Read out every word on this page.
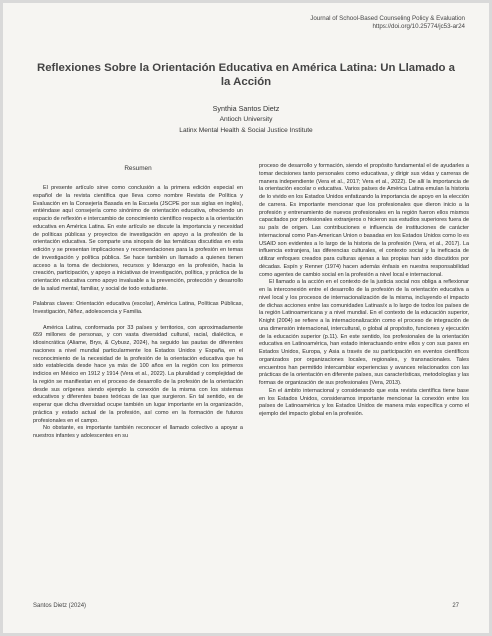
Journal of School-Based Counseling Policy & Evaluation
https://doi.org/10.25774/jc53-ar24
Reflexiones Sobre la Orientación Educativa en América Latina: Un Llamado a la Acción
Synthia Santos Dietz
Antioch University
Latinx Mental Health & Social Justice Institute
Resumen

El presente artículo sirve como conclusión a la primera edición especial en español de la revista científica que lleva como nombre Revista de Política y Evaluación en la Consejería Basada en la Escuela (JSCPE por sus siglas en inglés), entiéndase aquí consejería como sinónimo de orientación educativa, ofreciendo un espacio de reflexión e intercambio de conocimiento científico respecto a la orientación educativa en América Latina. En este artículo se discute la importancia y necesidad de políticas públicas y proyectos de investigación en apoyo a la profesión de la orientación educativa. Se comparte una sinopsis de las temáticas discutidas en esta edición y se presentan implicaciones y recomendaciones para la profesión en temas de investigación y política pública. Se hace también un llamado a quienes tienen acceso a la toma de decisiones, recursos y liderazgo en la profesión, hacia la creación, participación, y apoyo a iniciativas de investigación, política, y práctica de la orientación educativa como apoyo invaluable a la prevención, protección y desarrollo de la salud mental, familiar, y social de todo estudiante.

Palabras claves: Orientación educativa (escolar), América Latina, Políticas Públicas, Investigación, Niñez, adolescencia y Familia.

América Latina, conformada por 33 países y territorios, con aproximadamente 659 millones de personas, y con vasta diversidad cultural, racial, dialéctica, e idiosincrática (Aliame, Brys, & Cybusz, 2024), ha seguido las pautas de diferentes naciones a nivel mundial particularmente los Estados Unidos y España, en el reconocimiento de la necesidad de la profesión de la orientación educativa que ha sido establecida desde hace ya más de 100 años en la región con los primeros indicios en México en 1912 y 1914 (Vera et al., 2022). La pluralidad y complejidad de la región se manifiestan en el proceso de desarrollo de la profesión de la orientación desde sus orígenes siendo ejemplo la conexión de la misma con los sistemas educativos y diferentes bases teóricas de las que surgieron. En tal sentido, es de esperar que dicha diversidad ocupe también un lugar importante en la organización, práctica y estado actual de la profesión, así como en la formación de futuros profesionales en el campo.

No obstante, es importante también reconocer el llamado colectivo a apoyar a nuestros infantes y adolescentes en su

proceso de desarrollo y formación, siendo el propósito fundamental el de ayudarles a tomar decisiones tanto personales como educativas, y dirigir sus vidas y carreras de manera independiente (Vera et al., 2017; Vera et al., 2022). De allí la importancia de la orientación escolar o educativa. Varios países de América Latina emulan la historia de lo vivido en los Estados Unidos enfatizando la importancia de apoyo en la elección de carrera. Es importante mencionar que los profesionales que dieron inicio a la profesión y entrenamiento de nuevos profesionales en la región fueron ellos mismos capacitados por profesionales extranjeros o hicieron sus estudios superiores fuera de su país de origen. Las contribuciones e influencia de instituciones de carácter internacional como Pan-American Union o basadas en los Estados Unidos como lo es USAID son evidentes a lo largo de la historia de la profesión (Vera, et al., 2017). La influencia extranjera, las diferencias culturales, el contexto social y la ineficacia de utilizar enfoques creados para culturas ajenas a las propias han sido discutidos por décadas. Espín y Renner (1974) hacen además énfasis en nuestra responsabilidad como agentes de cambio social en la profesión a nivel local e internacional.

El llamado a la acción en el contexto de la justicia social nos obliga a reflexionar en la interconexión entre el desarrollo de la profesión de la orientación educativa a nivel local y los procesos de internacionalización de la misma, incluyendo el impacto de dichas acciones entre las comunidades Latinas/x a lo largo de todos los países de la región Latinoamericana y a nivel mundial. En el contexto de la educación superior, Knight (2004) se refiere a la internacionalización como el proceso de integración de una dimensión internacional, intercultural, o global al propósito, funciones y ejecución de la educación superior (p.11). En este sentido, los profesionales de la orientación educativa en Latinoamérica, han estado interactuando entre ellos y con sus pares en Estados Unidos, Europa, y Asia a través de su participación en eventos científicos organizados por organizaciones locales, regionales, y transnacionales. Tales encuentros han permitido intercambiar experiencias y avances relacionados con las prácticas de la orientación en diferente países, sus características, metodologías y las formas de organización de sus profesionales (Vera, 2013).

En el ámbito internacional y considerando que esta revista científica tiene base en los Estados Unidos, consideramos importante mencionar la conexión entre los países de Latinoamérica y los Estados Unidos de manera más específica y como el ejemplo del impacto global en la profesión.

Santos Dietz (2024)	27
